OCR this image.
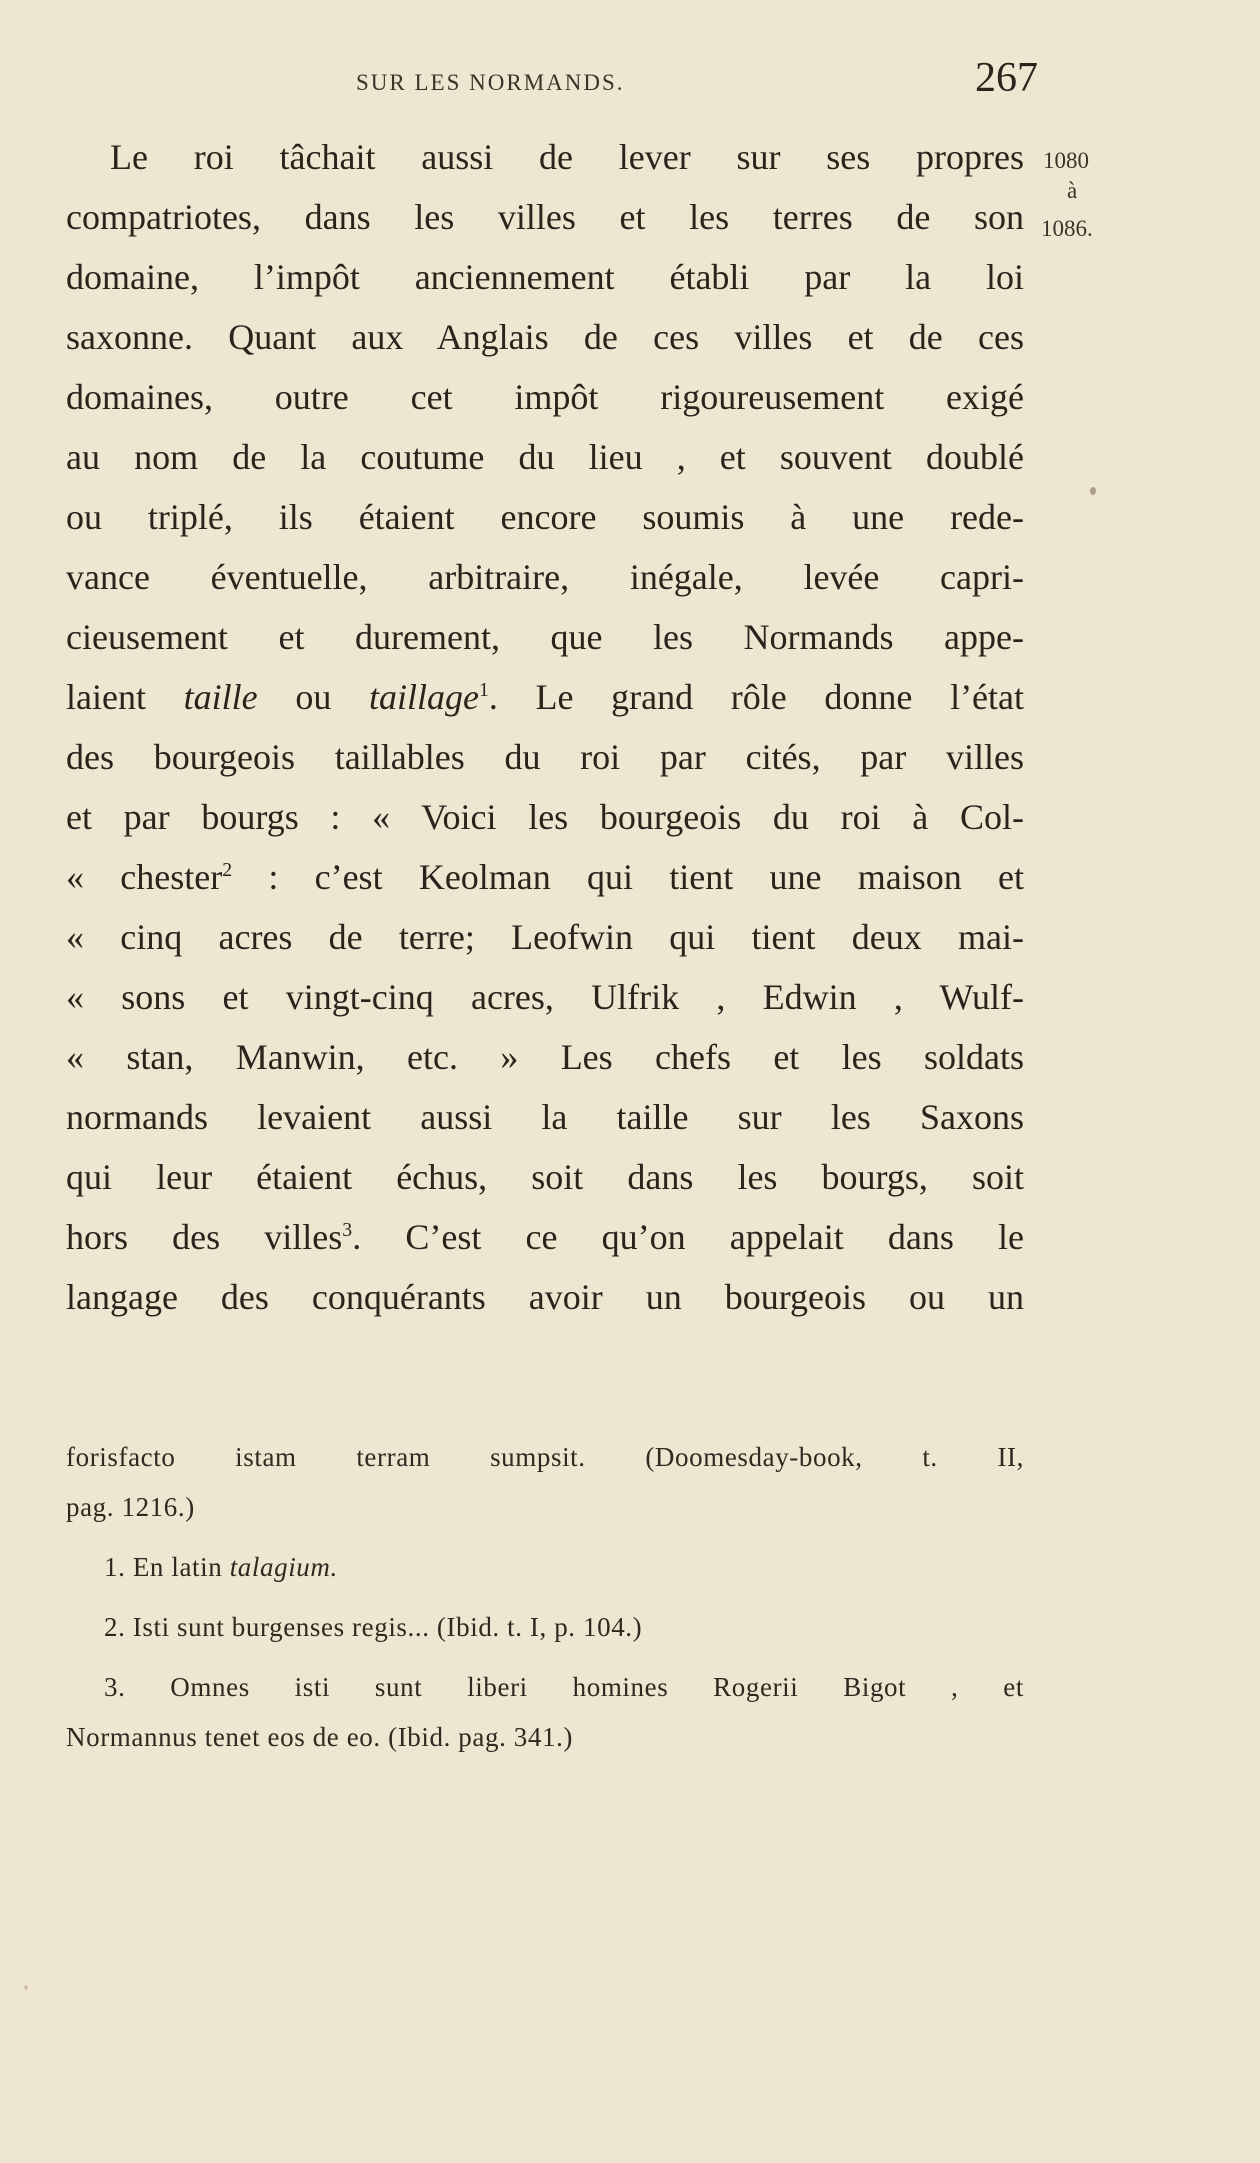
SUR LES NORMANDS.	267
1080
à
1086.
Le roi tâchait aussi de lever sur ses propres
compatriotes, dans les villes et les terres de son
domaine, l’impôt anciennement établi par la loi
saxonne. Quant aux Anglais de ces villes et de ces
domaines, outre cet impôt rigoureusement exigé
au nom de la coutume du lieu , et souvent doublé
ou triplé, ils étaient encore soumis à une rede-
vance éventuelle, arbitraire, inégale, levée capri-
cieusement et durement, que les Normands appe-
laient taille ou taillage$^1$. Le grand rôle donne l’état
des bourgeois taillables du roi par cités, par villes
et par bourgs : « Voici les bourgeois du roi à Col-
« chester$^2$ : c’est Keolman qui tient une maison et
« cinq acres de terre; Leofwin qui tient deux mai-
« sons et vingt-cinq acres, Ulfrik , Edwin , Wulf-
« stan, Manwin, etc. » Les chefs et les soldats
normands levaient aussi la taille sur les Saxons
qui leur étaient échus, soit dans les bourgs, soit
hors des villes$^3$. C’est ce qu’on appelait dans le
langage des conquérants avoir un bourgeois ou un
forisfacto istam terram sumpsit. (Doomesday-book, t. II,
pag. 1216.)
1. En latin talagium.
2. Isti sunt burgenses regis... (Ibid. t. I, p. 104.)
3. Omnes isti sunt liberi homines Rogerii Bigot , et
Normannus tenet eos de eo. (Ibid. pag. 341.)
